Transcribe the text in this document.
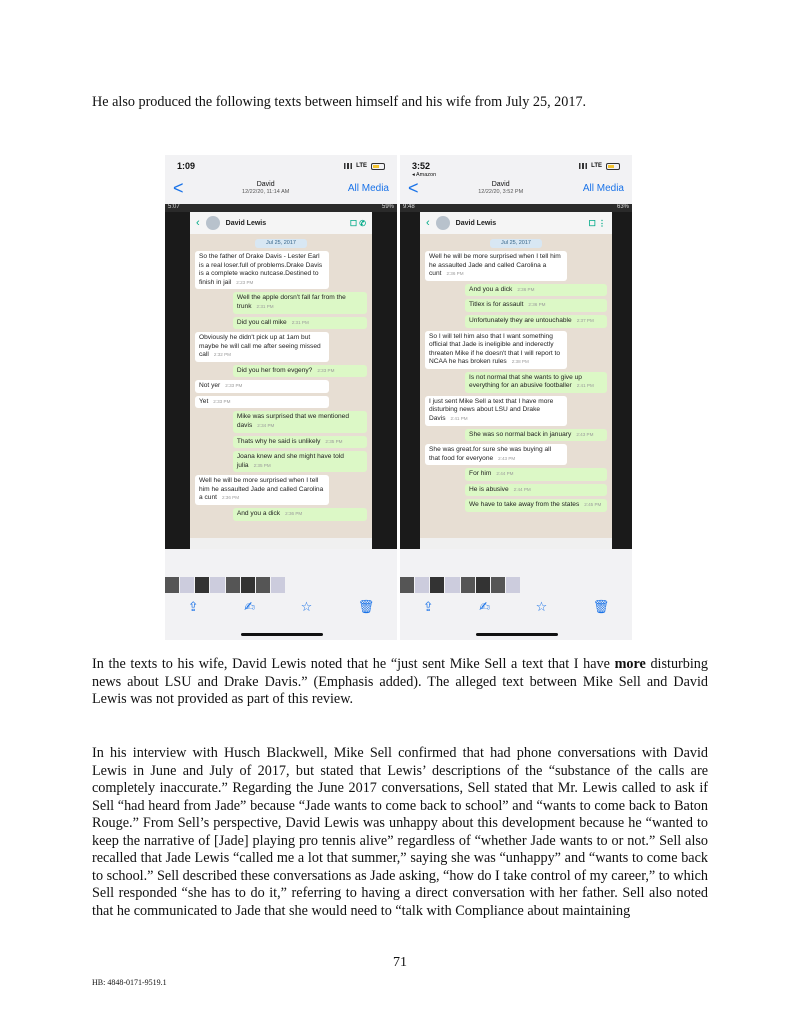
He also produced the following texts between himself and his wife from July 25, 2017.
1:09	LTE
<	David
12/22/20, 11:14 AM	All Media
5:07	59%
‹	David Lewis	☐ ✆
Jul 25, 2017
So the father of Drake Davis - Lester Earl is a real loser.full of problems.Drake Davis is a complete wacko nutcase.Destined to finish in jail 2:23 PM
Well the apple dorsn't fall far from the trunk 2:31 PM
Did you call mike 2:31 PM
Obviously he didn't pick up at 1am but maybe he will call me after seeing missed call 2:32 PM
Did you her from evgeny? 2:33 PM
Not yer 2:33 PM
Yet 2:33 PM
Mike was surprised that we mentioned davis 2:34 PM
Thats why he said is unlikely 2:35 PM
Joana knew and she might have told julia 2:35 PM
Well he will be more surprised when I tell him he assaulted Jade and called Carolina a cunt 2:36 PM
And you a dick 2:36 PM
⇪	✍	☆	🗑
3:52
◂ Amazon
LTE
<	David
12/22/20, 3:52 PM	All Media
9:48	63%
‹	David Lewis	☐ ⋮
Jul 25, 2017
Well he will be more surprised when I tell him he assaulted Jade and called Carolina a cunt 2:36 PM
And you a dick 2:36 PM
Titlex is for assault 2:36 PM
Unfortunately they are untouchable 2:37 PM
So I will tell him also that I want something official that Jade is ineligible and inderectly threaten Mike if he doesn't that I will report to NCAA he has broken rules 2:38 PM
Is not normal that she wants to give up everything for an abusive footballer 2:41 PM
I just sent Mike Sell a text that I have more disturbing news about LSU and Drake Davis 2:41 PM
She was so normal back in january 2:43 PM
She was great.for sure she was buying all that food for everyone 2:43 PM
For him 2:44 PM
He is abusive 2:44 PM
We have to take away from the states 2:45 PM
⇪	✍	☆	🗑
In the texts to his wife, David Lewis noted that he “just sent Mike Sell a text that I have more disturbing news about LSU and Drake Davis.” (Emphasis added). The alleged text between Mike Sell and David Lewis was not provided as part of this review.
In his interview with Husch Blackwell, Mike Sell confirmed that had phone conversations with David Lewis in June and July of 2017, but stated that Lewis’ descriptions of the “substance of the calls are completely inaccurate.” Regarding the June 2017 conversations, Sell stated that Mr. Lewis called to ask if Sell “had heard from Jade” because “Jade wants to come back to school” and “wants to come back to Baton Rouge.” From Sell’s perspective, David Lewis was unhappy about this development because he “wanted to keep the narrative of [Jade] playing pro tennis alive” regardless of “whether Jade wants to or not.” Sell also recalled that Jade Lewis “called me a lot that summer,” saying she was “unhappy” and “wants to come back to school.” Sell described these conversations as Jade asking, “how do I take control of my career,” to which Sell responded “she has to do it,” referring to having a direct conversation with her father. Sell also noted that he communicated to Jade that she would need to “talk with Compliance about maintaining
71
HB: 4848-0171-9519.1
